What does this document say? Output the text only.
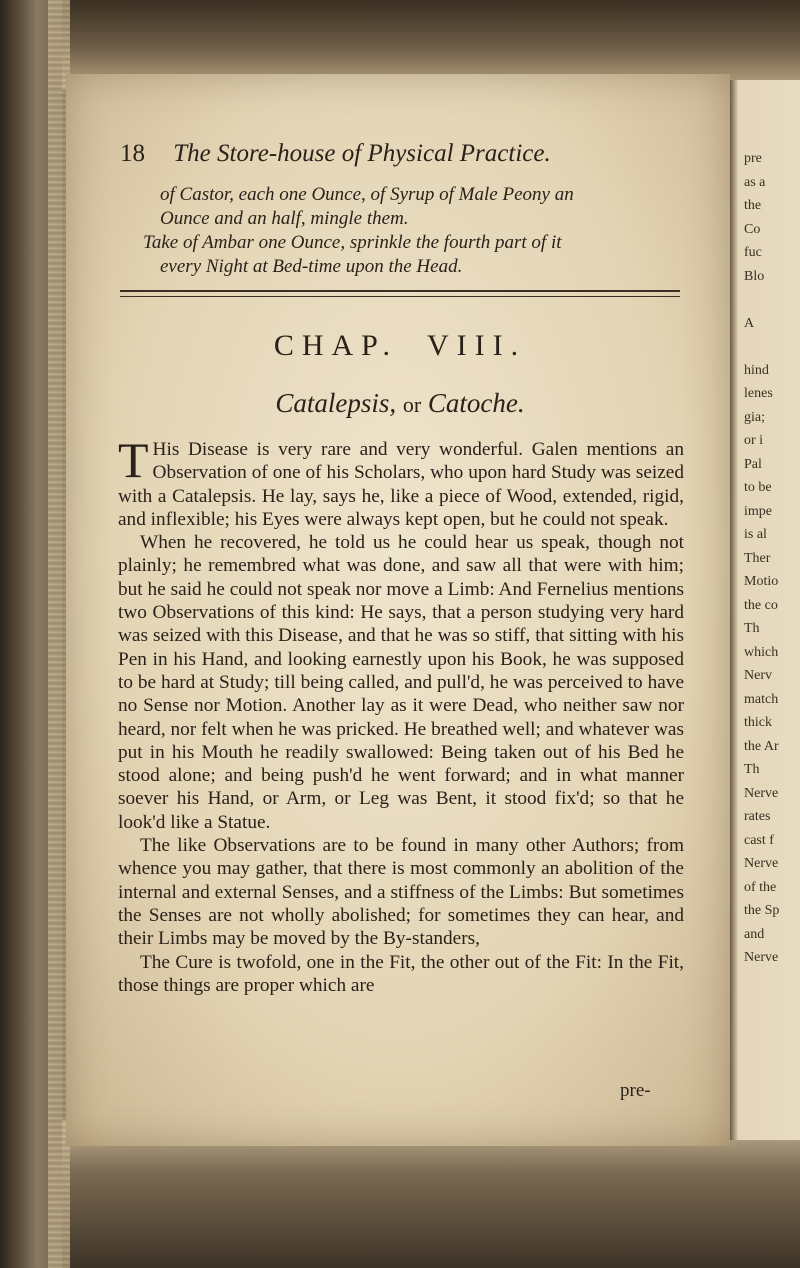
pre
as a
the
Co
fuc
Blo
A
hind
lenes
gia;
or i
Pal
to be
impe
is al
Ther
Motio
the co
Th
which
Nerv
match
thick
the Ar
Th
Nerve
rates
cast f
Nerve
of the
the Sp
and
Nerve
18 The Store-house of Physical Practice.
of Castor, each one Ounce, of Syrup of Male Peony an
Ounce and an half, mingle them.
Take of Ambar one Ounce, sprinkle the fourth part of it
every Night at Bed-time upon the Head.
CHAP. VIII.
Catalepsis, or Catoche.

T His Disease is very rare and very wonderful. Galen mentions an Observation of one of his Scholars, who upon hard Study was seized with a Catalepsis. He lay, says he, like a piece of Wood, extended, rigid, and inflexible; his Eyes were always kept open, but he could not speak.

When he recovered, he told us he could hear us speak, though not plainly; he remembred what was done, and saw all that were with him; but he said he could not speak nor move a Limb: And Fernelius mentions two Observations of this kind: He says, that a person studying very hard was seized with this Disease, and that he was so stiff, that sitting with his Pen in his Hand, and looking earnestly upon his Book, he was supposed to be hard at Study; till being called, and pull'd, he was perceived to have no Sense nor Motion. Another lay as it were Dead, who neither saw nor heard, nor felt when he was pricked. He breathed well; and whatever was put in his Mouth he readily swallowed: Being taken out of his Bed he stood alone; and being push'd he went forward; and in what manner soever his Hand, or Arm, or Leg was Bent, it stood fix'd; so that he look'd like a Statue.

The like Observations are to be found in many other Authors; from whence you may gather, that there is most commonly an abolition of the internal and external Senses, and a stiffness of the Limbs: But sometimes the Senses are not wholly abolished; for sometimes they can hear, and their Limbs may be moved by the By-standers,

The Cure is twofold, one in the Fit, the other out of the Fit: In the Fit, those things are proper which are

pre-
